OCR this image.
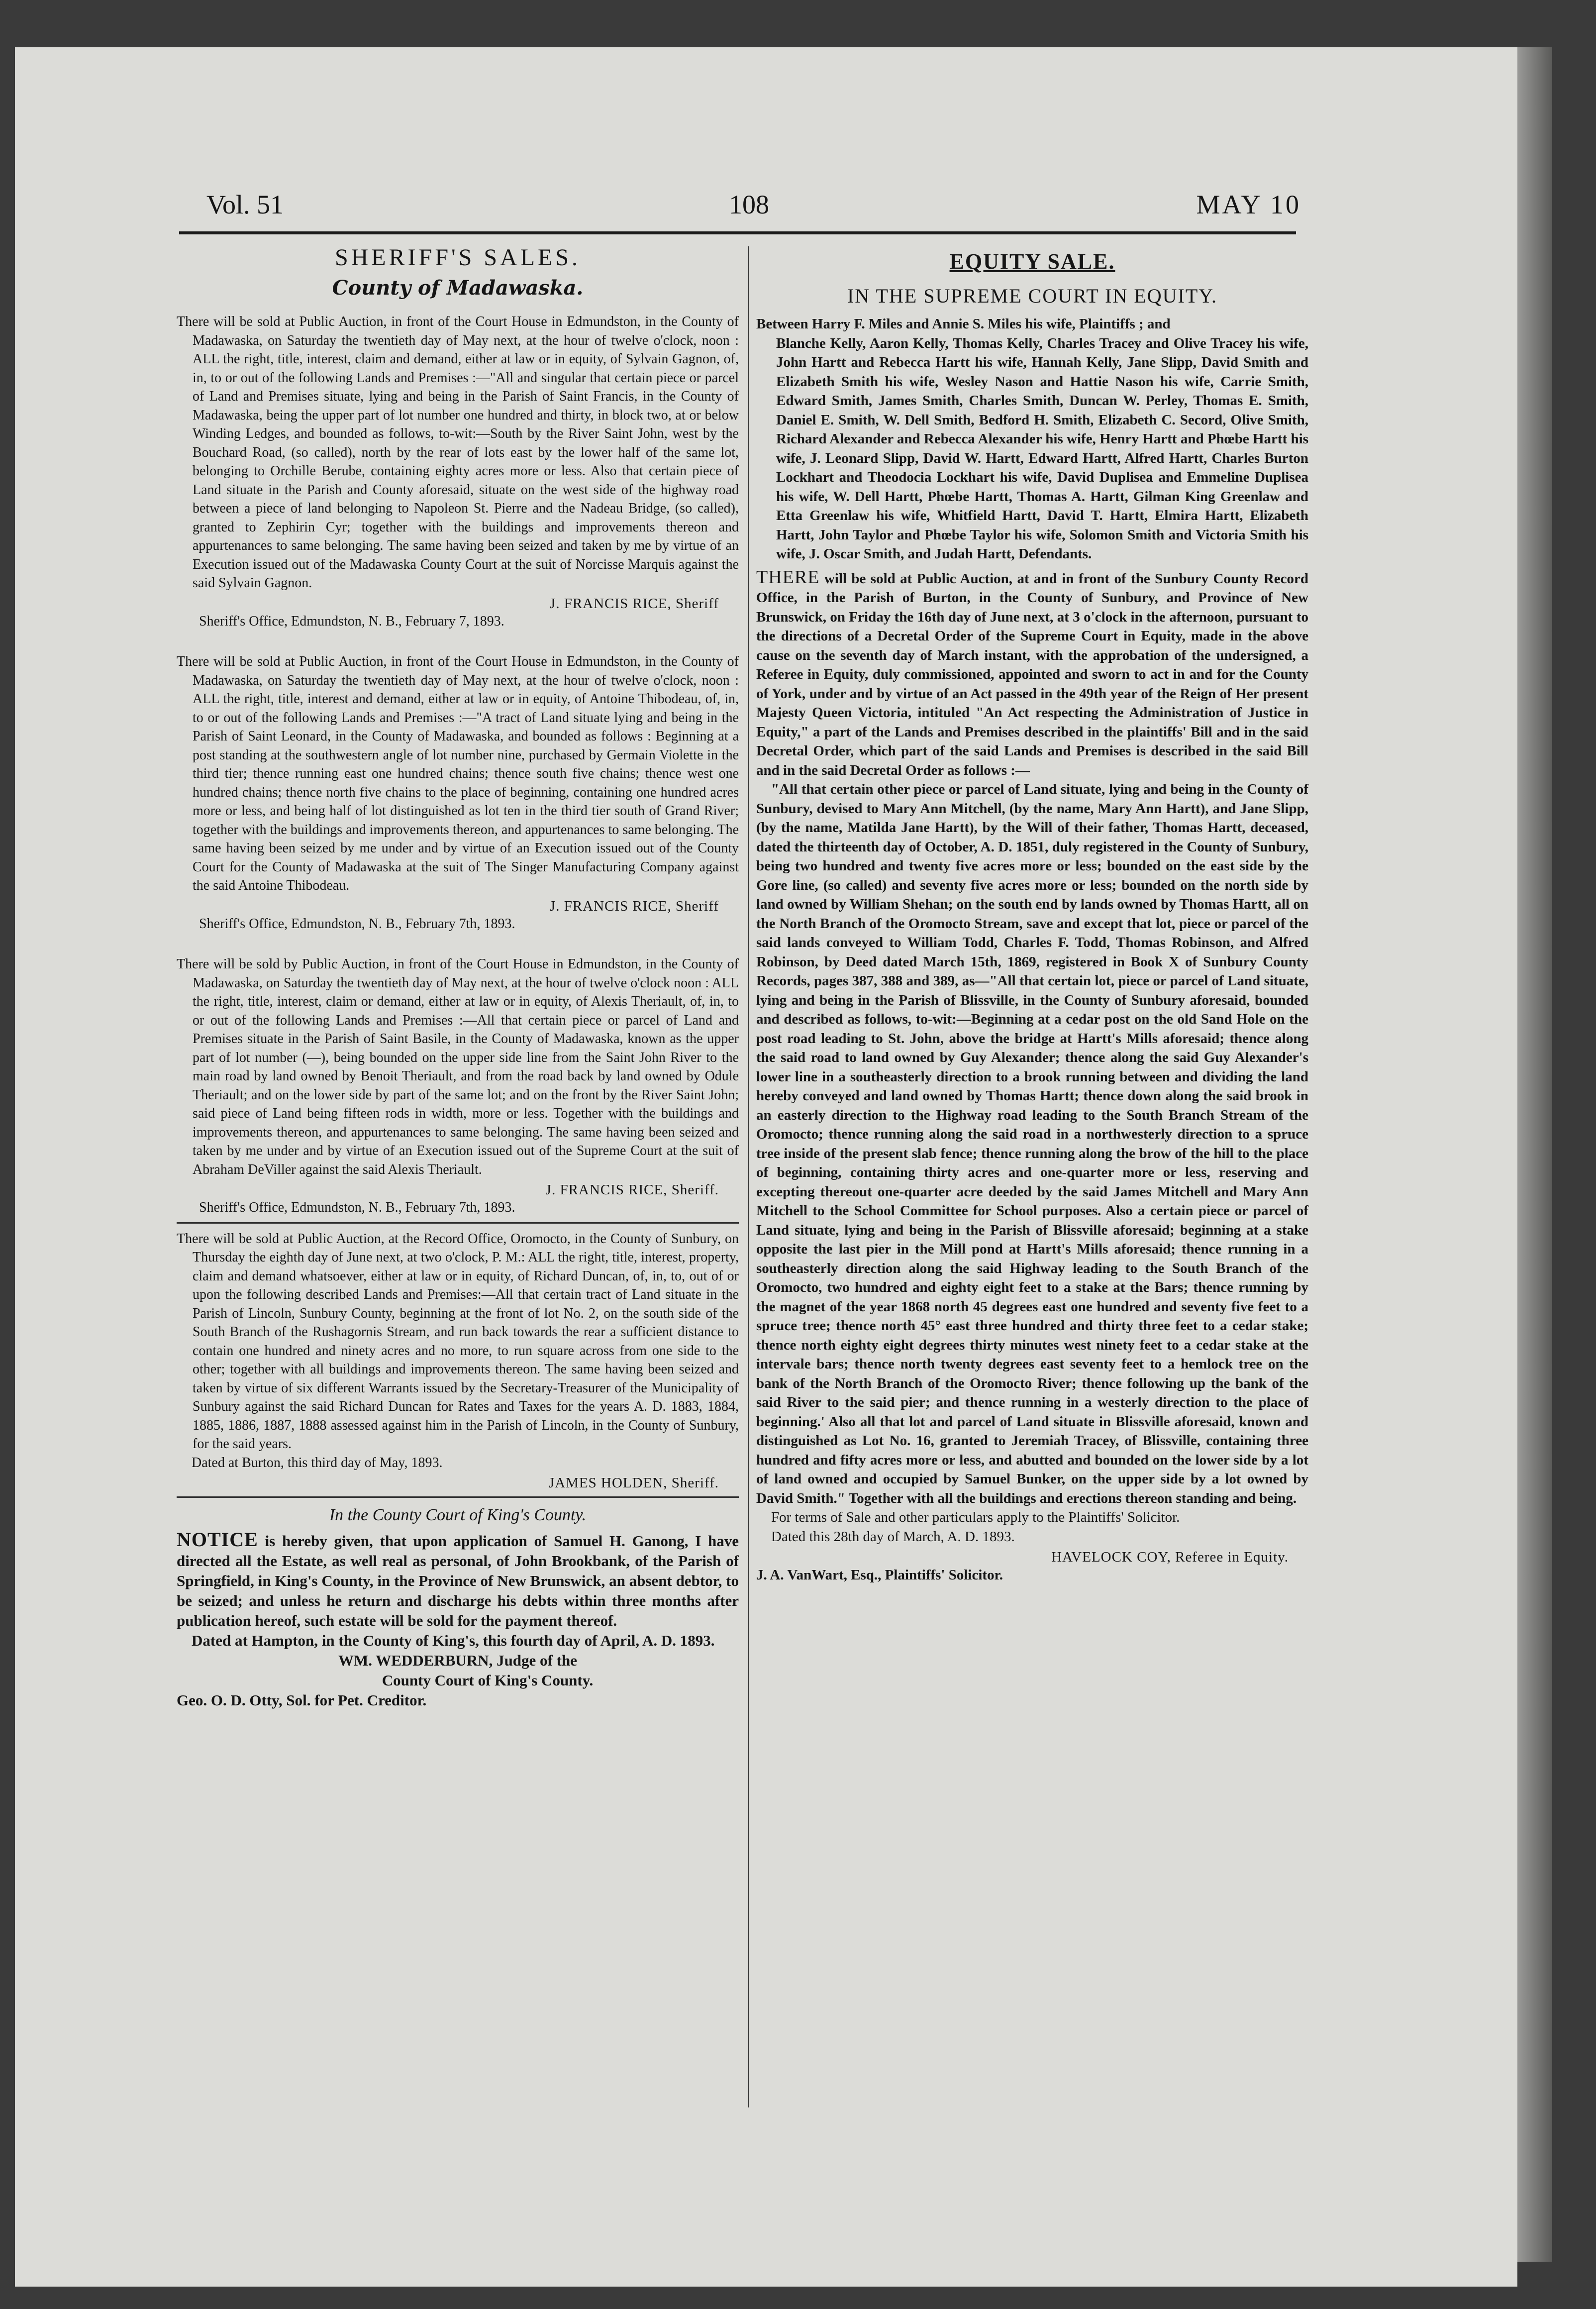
Vol. 51	108	MAY 10
SHERIFF'S SALES.
County of Madawaska.

There will be sold at Public Auction, in front of the Court House in Edmundston, in the County of Madawaska, on Saturday the twentieth day of May next, at the hour of twelve o'clock, noon : ALL the right, title, interest, claim and demand, either at law or in equity, of Sylvain Gagnon, of, in, to or out of the following Lands and Premises :—"All and singular that certain piece or parcel of Land and Premises situate, lying and being in the Parish of Saint Francis, in the County of Madawaska, being the upper part of lot number one hundred and thirty, in block two, at or below Winding Ledges, and bounded as follows, to-wit:—South by the River Saint John, west by the Bouchard Road, (so called), north by the rear of lots east by the lower half of the same lot, belonging to Orchille Berube, containing eighty acres more or less. Also that certain piece of Land situate in the Parish and County aforesaid, situate on the west side of the highway road between a piece of land belonging to Napoleon St. Pierre and the Nadeau Bridge, (so called), granted to Zephirin Cyr; together with the buildings and improvements thereon and appurtenances to same belonging. The same having been seized and taken by me by virtue of an Execution issued out of the Madawaska County Court at the suit of Norcisse Marquis against the said Sylvain Gagnon.

J. FRANCIS RICE, Sheriff

Sheriff's Office, Edmundston, N. B., February 7, 1893.

There will be sold at Public Auction, in front of the Court House in Edmundston, in the County of Madawaska, on Saturday the twentieth day of May next, at the hour of twelve o'clock, noon : ALL the right, title, interest and demand, either at law or in equity, of Antoine Thibodeau, of, in, to or out of the following Lands and Premises :—"A tract of Land situate lying and being in the Parish of Saint Leonard, in the County of Madawaska, and bounded as follows : Beginning at a post standing at the southwestern angle of lot number nine, purchased by Germain Violette in the third tier; thence running east one hundred chains; thence south five chains; thence west one hundred chains; thence north five chains to the place of beginning, containing one hundred acres more or less, and being half of lot distinguished as lot ten in the third tier south of Grand River; together with the buildings and improvements thereon, and appurtenances to same belonging. The same having been seized by me under and by virtue of an Execution issued out of the County Court for the County of Madawaska at the suit of The Singer Manufacturing Company against the said Antoine Thibodeau.

J. FRANCIS RICE, Sheriff

Sheriff's Office, Edmundston, N. B., February 7th, 1893.

There will be sold by Public Auction, in front of the Court House in Edmundston, in the County of Madawaska, on Saturday the twentieth day of May next, at the hour of twelve o'clock noon : ALL the right, title, interest, claim or demand, either at law or in equity, of Alexis Theriault, of, in, to or out of the following Lands and Premises :—All that certain piece or parcel of Land and Premises situate in the Parish of Saint Basile, in the County of Madawaska, known as the upper part of lot number (—), being bounded on the upper side line from the Saint John River to the main road by land owned by Benoit Theriault, and from the road back by land owned by Odule Theriault; and on the lower side by part of the same lot; and on the front by the River Saint John; said piece of Land being fifteen rods in width, more or less. Together with the buildings and improvements thereon, and appurtenances to same belonging. The same having been seized and taken by me under and by virtue of an Execution issued out of the Supreme Court at the suit of Abraham DeViller against the said Alexis Theriault.

J. FRANCIS RICE, Sheriff.

Sheriff's Office, Edmundston, N. B., February 7th, 1893.

There will be sold at Public Auction, at the Record Office, Oromocto, in the County of Sunbury, on Thursday the eighth day of June next, at two o'clock, P. M.: ALL the right, title, interest, property, claim and demand whatsoever, either at law or in equity, of Richard Duncan, of, in, to, out of or upon the following described Lands and Premises:—All that certain tract of Land situate in the Parish of Lincoln, Sunbury County, beginning at the front of lot No. 2, on the south side of the South Branch of the Rushagornis Stream, and run back towards the rear a sufficient distance to contain one hundred and ninety acres and no more, to run square across from one side to the other; together with all buildings and improvements thereon. The same having been seized and taken by virtue of six different Warrants issued by the Secretary-Treasurer of the Municipality of Sunbury against the said Richard Duncan for Rates and Taxes for the years A. D. 1883, 1884, 1885, 1886, 1887, 1888 assessed against him in the Parish of Lincoln, in the County of Sunbury, for the said years.

Dated at Burton, this third day of May, 1893.

JAMES HOLDEN, Sheriff.
In the County Court of King's County.

NOTICE is hereby given, that upon application of Samuel H. Ganong, I have directed all the Estate, as well real as personal, of John Brookbank, of the Parish of Springfield, in King's County, in the Province of New Brunswick, an absent debtor, to be seized; and unless he return and discharge his debts within three months after publication hereof, such estate will be sold for the payment thereof.

Dated at Hampton, in the County of King's, this fourth day of April, A. D. 1893.

WM. WEDDERBURN, Judge of the
County Court of King's County.

Geo. O. D. Otty, Sol. for Pet. Creditor.

EQUITY SALE.
IN THE SUPREME COURT IN EQUITY.

Between Harry F. Miles and Annie S. Miles his wife, Plaintiffs ; and

Blanche Kelly, Aaron Kelly, Thomas Kelly, Charles Tracey and Olive Tracey his wife, John Hartt and Rebecca Hartt his wife, Hannah Kelly, Jane Slipp, David Smith and Elizabeth Smith his wife, Wesley Nason and Hattie Nason his wife, Carrie Smith, Edward Smith, James Smith, Charles Smith, Duncan W. Perley, Thomas E. Smith, Daniel E. Smith, W. Dell Smith, Bedford H. Smith, Elizabeth C. Secord, Olive Smith, Richard Alexander and Rebecca Alexander his wife, Henry Hartt and Phœbe Hartt his wife, J. Leonard Slipp, David W. Hartt, Edward Hartt, Alfred Hartt, Charles Burton Lockhart and Theodocia Lockhart his wife, David Duplisea and Emmeline Duplisea his wife, W. Dell Hartt, Phœbe Hartt, Thomas A. Hartt, Gilman King Greenlaw and Etta Greenlaw his wife, Whitfield Hartt, David T. Hartt, Elmira Hartt, Elizabeth Hartt, John Taylor and Phœbe Taylor his wife, Solomon Smith and Victoria Smith his wife, J. Oscar Smith, and Judah Hartt, Defendants.

THERE will be sold at Public Auction, at and in front of the Sunbury County Record Office, in the Parish of Burton, in the County of Sunbury, and Province of New Brunswick, on Friday the 16th day of June next, at 3 o'clock in the afternoon, pursuant to the directions of a Decretal Order of the Supreme Court in Equity, made in the above cause on the seventh day of March instant, with the approbation of the undersigned, a Referee in Equity, duly commissioned, appointed and sworn to act in and for the County of York, under and by virtue of an Act passed in the 49th year of the Reign of Her present Majesty Queen Victoria, intituled "An Act respecting the Administration of Justice in Equity," a part of the Lands and Premises described in the plaintiffs' Bill and in the said Decretal Order, which part of the said Lands and Premises is described in the said Bill and in the said Decretal Order as follows :—

"All that certain other piece or parcel of Land situate, lying and being in the County of Sunbury, devised to Mary Ann Mitchell, (by the name, Mary Ann Hartt), and Jane Slipp, (by the name, Matilda Jane Hartt), by the Will of their father, Thomas Hartt, deceased, dated the thirteenth day of October, A. D. 1851, duly registered in the County of Sunbury, being two hundred and twenty five acres more or less; bounded on the east side by the Gore line, (so called) and seventy five acres more or less; bounded on the north side by land owned by William Shehan; on the south end by lands owned by Thomas Hartt, all on the North Branch of the Oromocto Stream, save and except that lot, piece or parcel of the said lands conveyed to William Todd, Charles F. Todd, Thomas Robinson, and Alfred Robinson, by Deed dated March 15th, 1869, registered in Book X of Sunbury County Records, pages 387, 388 and 389, as—"All that certain lot, piece or parcel of Land situate, lying and being in the Parish of Blissville, in the County of Sunbury aforesaid, bounded and described as follows, to-wit:—Beginning at a cedar post on the old Sand Hole on the post road leading to St. John, above the bridge at Hartt's Mills aforesaid; thence along the said road to land owned by Guy Alexander; thence along the said Guy Alexander's lower line in a southeasterly direction to a brook running between and dividing the land hereby conveyed and land owned by Thomas Hartt; thence down along the said brook in an easterly direction to the Highway road leading to the South Branch Stream of the Oromocto; thence running along the said road in a northwesterly direction to a spruce tree inside of the present slab fence; thence running along the brow of the hill to the place of beginning, containing thirty acres and one-quarter more or less, reserving and excepting thereout one-quarter acre deeded by the said James Mitchell and Mary Ann Mitchell to the School Committee for School purposes. Also a certain piece or parcel of Land situate, lying and being in the Parish of Blissville aforesaid; beginning at a stake opposite the last pier in the Mill pond at Hartt's Mills aforesaid; thence running in a southeasterly direction along the said Highway leading to the South Branch of the Oromocto, two hundred and eighty eight feet to a stake at the Bars; thence running by the magnet of the year 1868 north 45 degrees east one hundred and seventy five feet to a spruce tree; thence north 45° east three hundred and thirty three feet to a cedar stake; thence north eighty eight degrees thirty minutes west ninety feet to a cedar stake at the intervale bars; thence north twenty degrees east seventy feet to a hemlock tree on the bank of the North Branch of the Oromocto River; thence following up the bank of the said River to the said pier; and thence running in a westerly direction to the place of beginning.' Also all that lot and parcel of Land situate in Blissville aforesaid, known and distinguished as Lot No. 16, granted to Jeremiah Tracey, of Blissville, containing three hundred and fifty acres more or less, and abutted and bounded on the lower side by a lot of land owned and occupied by Samuel Bunker, on the upper side by a lot owned by David Smith." Together with all the buildings and erections thereon standing and being.

For terms of Sale and other particulars apply to the Plaintiffs' Solicitor.

Dated this 28th day of March, A. D. 1893.

HAVELOCK COY, Referee in Equity.

J. A. VanWart, Esq., Plaintiffs' Solicitor.
